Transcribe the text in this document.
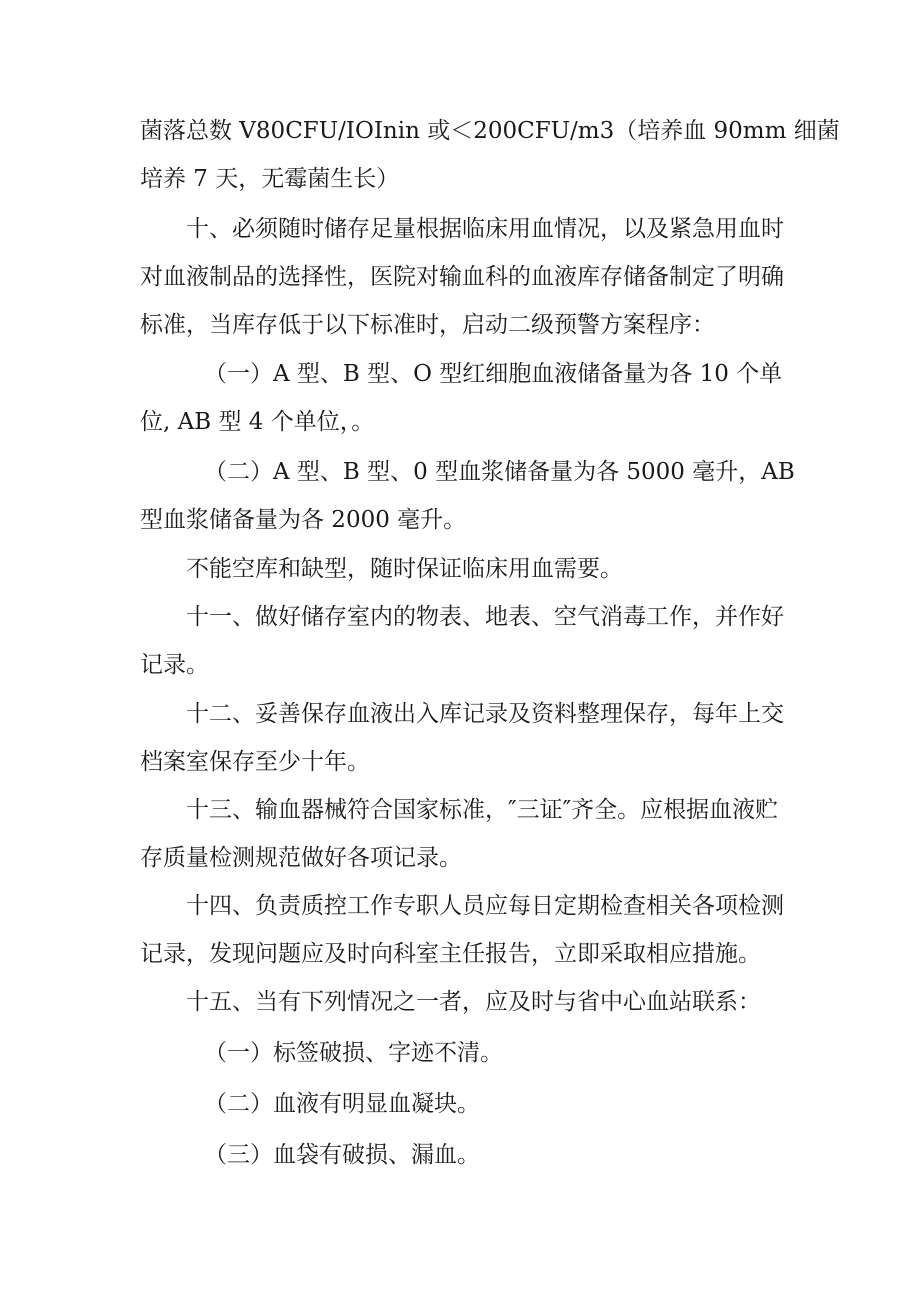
菌落总数 V80CFU/IOInin 或＜200CFU/m3（培养血 90mm 细菌
培养 7 天，无霉菌生长）
十、必须随时储存足量根据临床用血情况，以及紧急用血时
对血液制品的选择性，医院对输血科的血液库存储备制定了明确
标准，当库存低于以下标准时，启动二级预警方案程序：
（一）A 型、B 型、O 型红细胞血液储备量为各 10 个单
位, AB 型 4 个单位，。
（二）A 型、B 型、0 型血浆储备量为各 5000 毫升，AB
型血浆储备量为各 2000 毫升。
不能空库和缺型，随时保证临床用血需要。
十一、做好储存室内的物表、地表、空气消毒工作，并作好
记录。
十二、妥善保存血液出入库记录及资料整理保存，每年上交
档案室保存至少十年。
十三、输血器械符合国家标准，″三证″齐全。应根据血液贮
存质量检测规范做好各项记录。
十四、负责质控工作专职人员应每日定期检查相关各项检测
记录，发现问题应及时向科室主任报告，立即采取相应措施。
十五、当有下列情况之一者，应及时与省中心血站联系：
（一）标签破损、字迹不清。
（二）血液有明显血凝块。
（三）血袋有破损、漏血。
